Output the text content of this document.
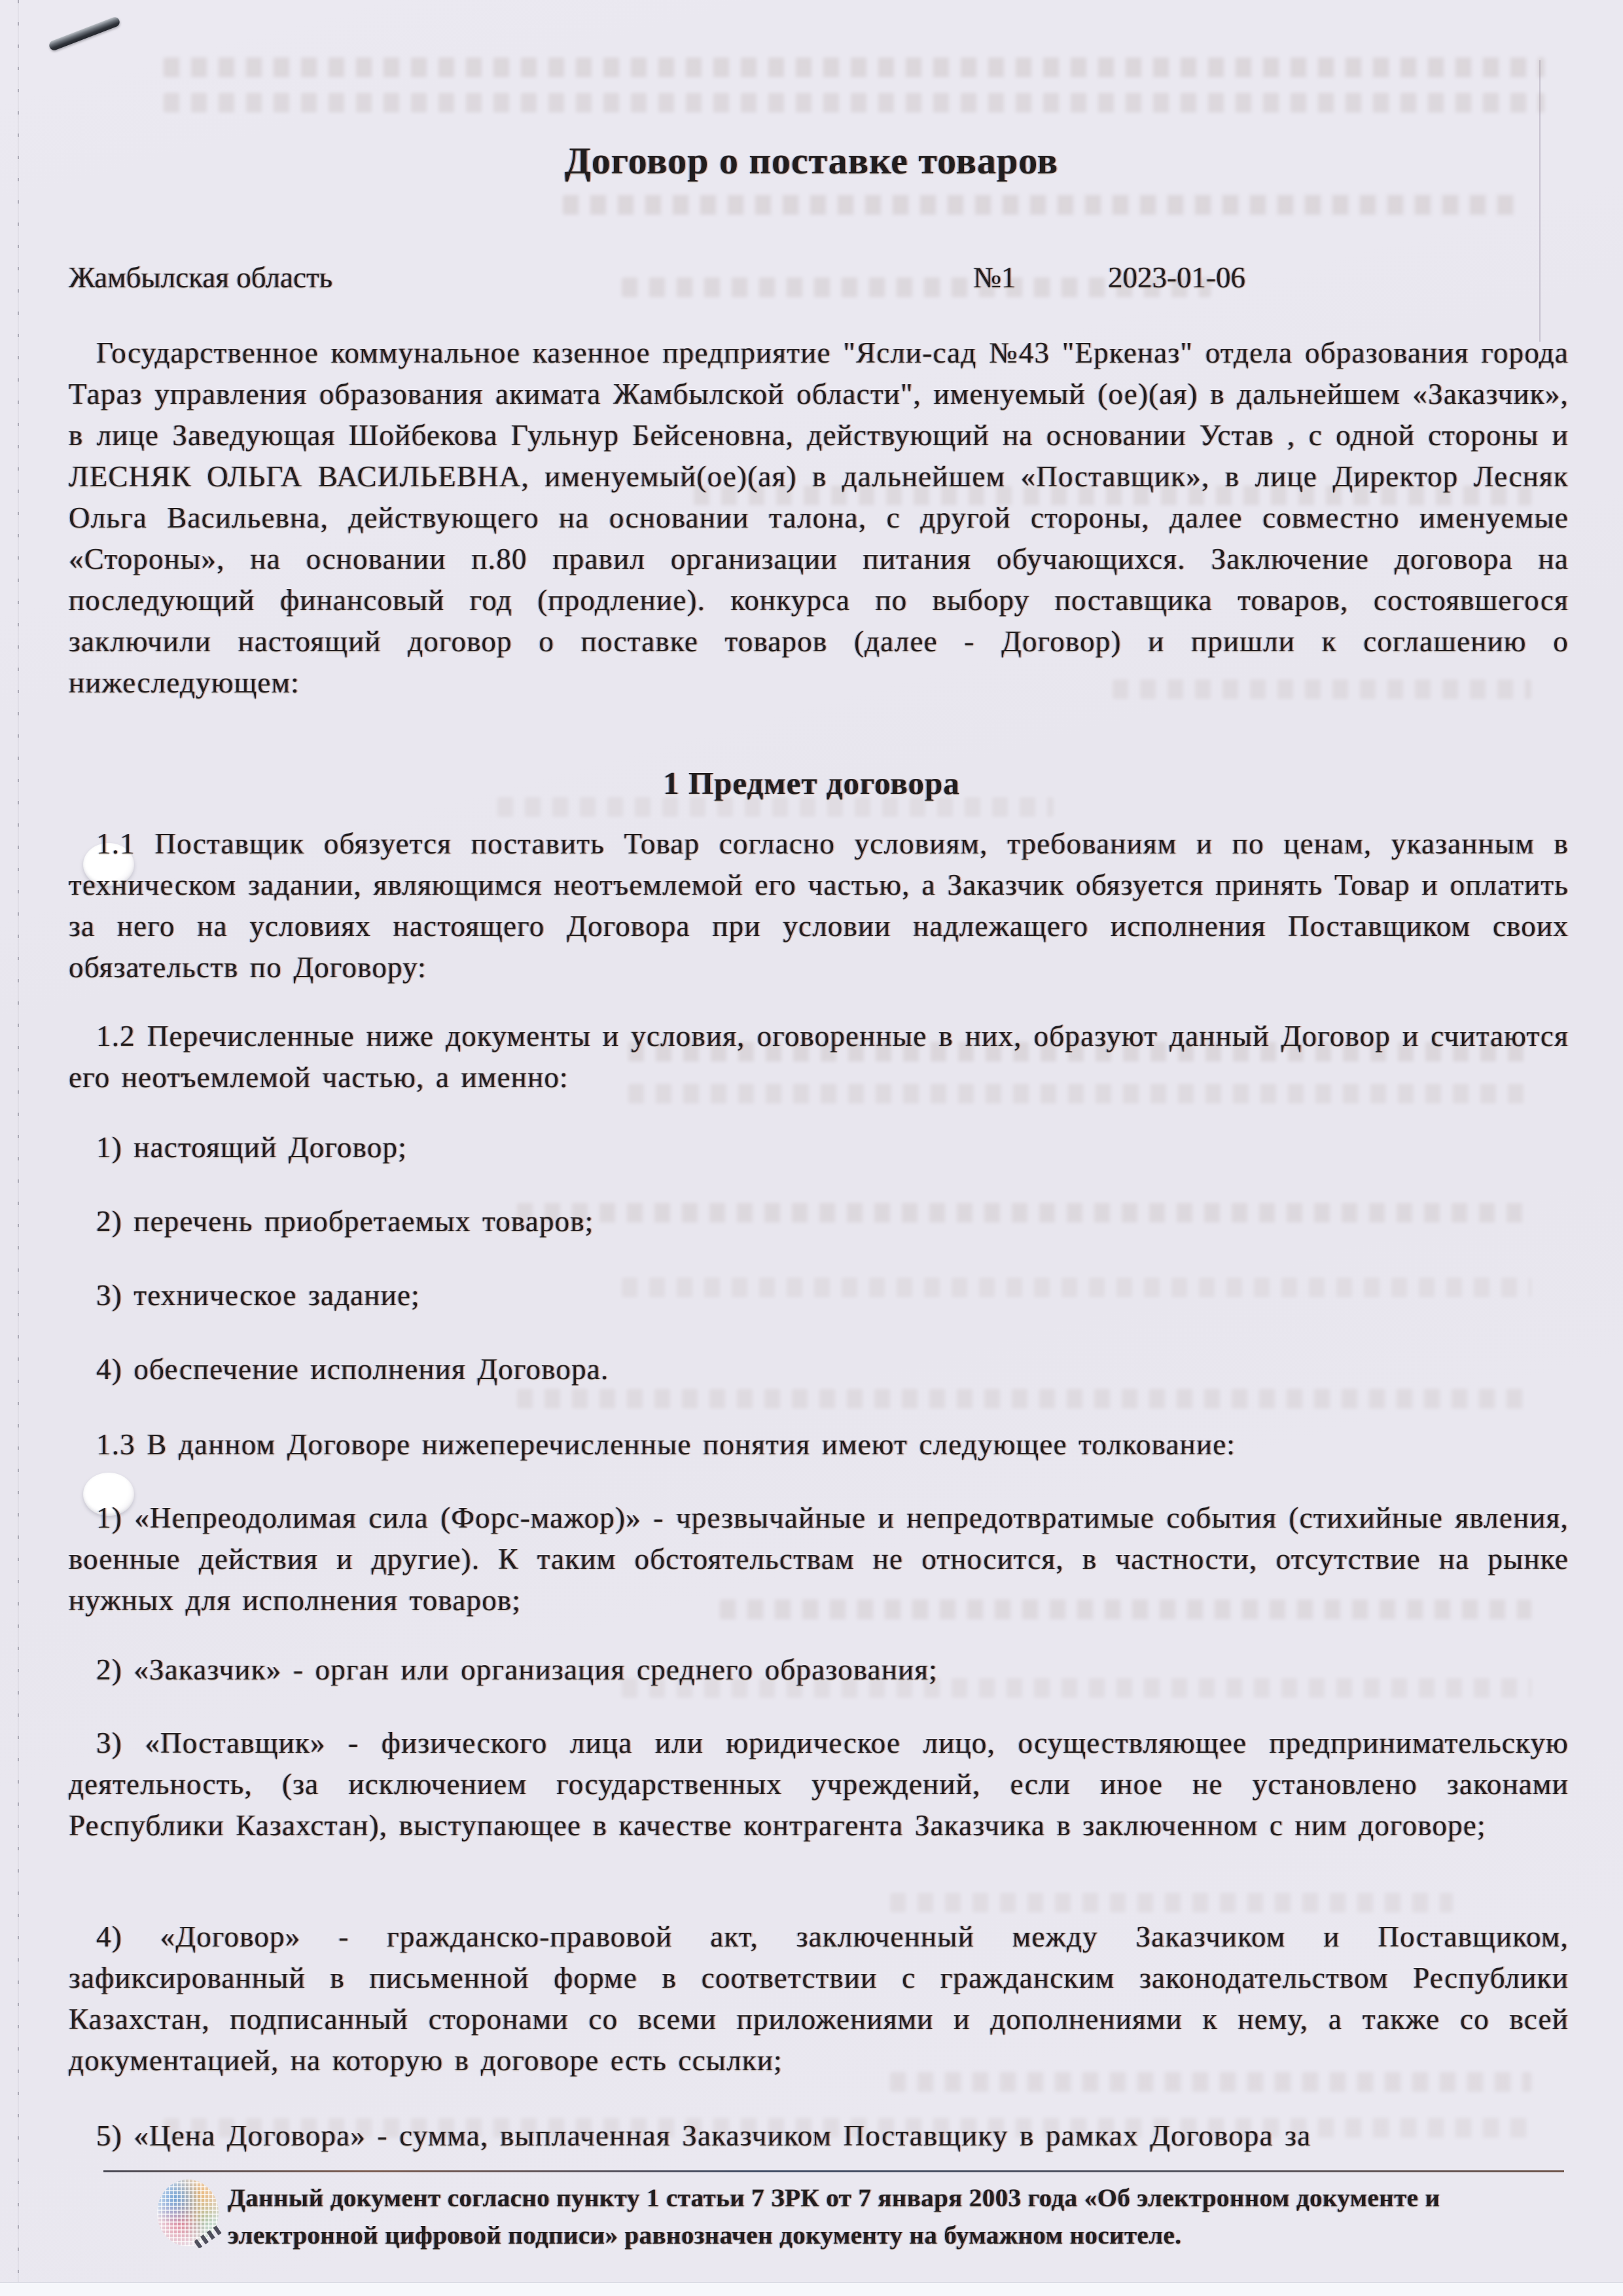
Договор о поставке товаров
Жамбылская область	№1	2023-01-06
Государственное коммунальное казенное предприятие "Ясли-сад №43 "Еркеназ" отдела образования города Тараз управления образования акимата Жамбылской области", именуемый (ое)(ая) в дальнейшем «Заказчик», в лице Заведующая Шойбекова Гульнур Бейсеновна, действующий на основании Устав , с одной стороны и ЛЕСНЯК ОЛЬГА ВАСИЛЬЕВНА, именуемый(ое)(ая) в дальнейшем «Поставщик», в лице Директор Лесняк Ольга Васильевна, действующего на основании талона, с другой стороны, далее совместно именуемые «Стороны», на основании п.80 правил организации питания обучающихся. Заключение договора на последующий финансовый год (продление). конкурса по выбору поставщика товаров, состоявшегося заключили настоящий договор о поставке товаров (далее - Договор) и пришли к соглашению о нижеследующем:
1 Предмет договора
1.1 Поставщик обязуется поставить Товар согласно условиям, требованиям и по ценам, указанным в техническом задании, являющимся неотъемлемой его частью, а Заказчик обязуется принять Товар и оплатить за него на условиях настоящего Договора при условии надлежащего исполнения Поставщиком своих обязательств по Договору:
1.2 Перечисленные ниже документы и условия, оговоренные в них, образуют данный Договор и считаются его неотъемлемой частью, а именно:
1) настоящий Договор;
2) перечень приобретаемых товаров;
3) техническое задание;
4) обеспечение исполнения Договора.
1.3 В данном Договоре нижеперечисленные понятия имеют следующее толкование:
1) «Непреодолимая сила (Форс-мажор)» - чрезвычайные и непредотвратимые события (стихийные явления, военные действия и другие). К таким обстоятельствам не относится, в частности, отсутствие на рынке нужных для исполнения товаров;
2) «Заказчик» - орган или организация среднего образования;
3) «Поставщик» - физического лица или юридическое лицо, осуществляющее предпринимательскую деятельность, (за исключением государственных учреждений, если иное не установлено законами Республики Казахстан), выступающее в качестве контрагента Заказчика в заключенном с ним договоре;
4) «Договор» - гражданско-правовой акт, заключенный между Заказчиком и Поставщиком, зафиксированный в письменной форме в соответствии с гражданским законодательством Республики Казахстан, подписанный сторонами со всеми приложениями и дополнениями к нему, а также со всей документацией, на которую в договоре есть ссылки;
5) «Цена Договора» - сумма, выплаченная Заказчиком Поставщику в рамках Договора за
Данный документ согласно пункту 1 статьи 7 ЗРК от 7 января 2003 года «Об электронном документе и электронной цифровой подписи» равнозначен документу на бумажном носителе.
